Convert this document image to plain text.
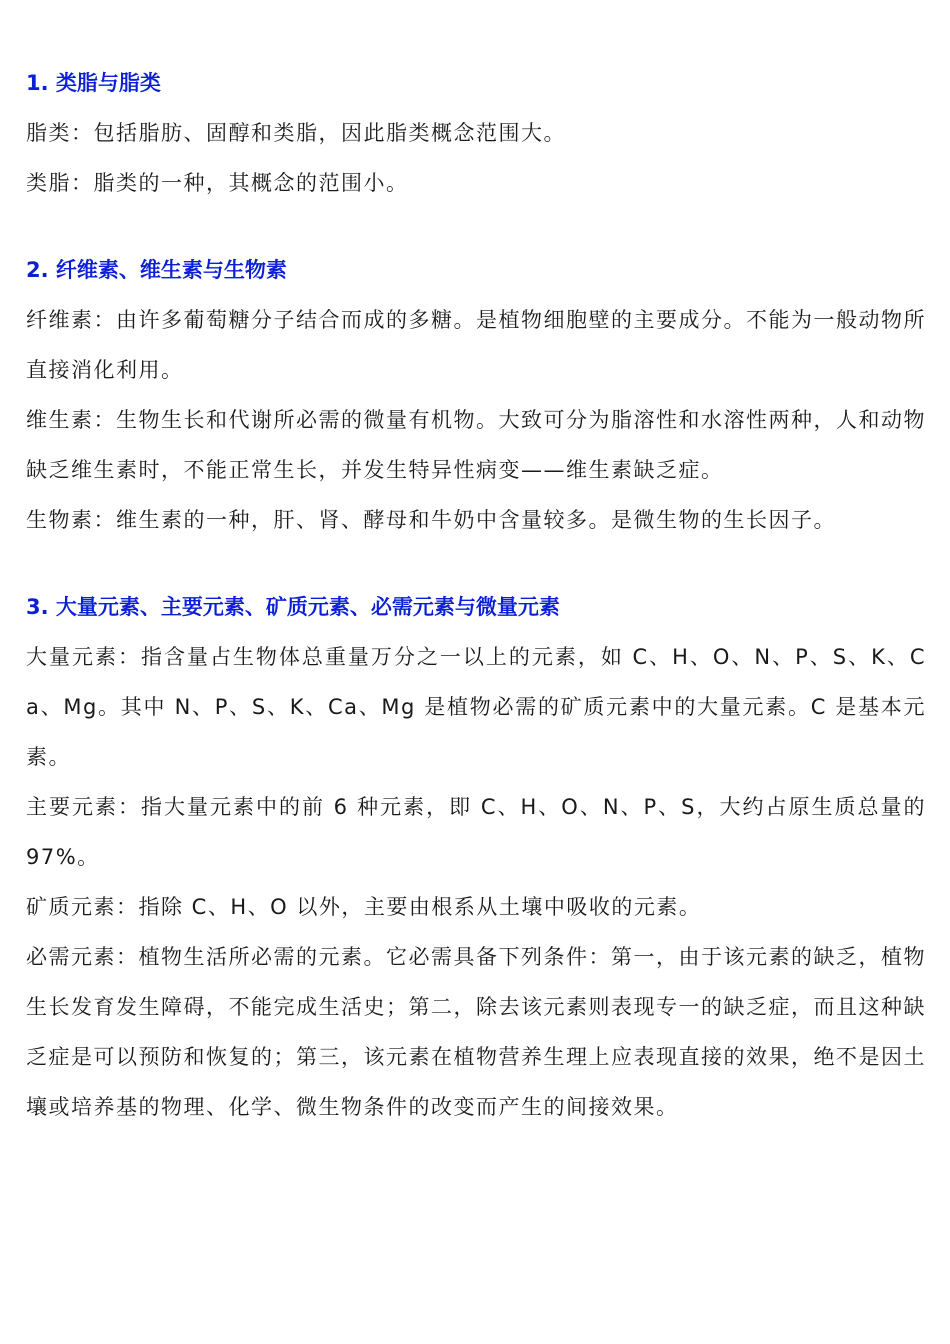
1. 类脂与脂类

脂类：包括脂肪、固醇和类脂，因此脂类概念范围大。

类脂：脂类的一种，其概念的范围小。

2. 纤维素、维生素与生物素

纤维素：由许多葡萄糖分子结合而成的多糖。是植物细胞壁的主要成分。不能为一般动物所直接消化利用。

维生素：生物生长和代谢所必需的微量有机物。大致可分为脂溶性和水溶性两种，人和动物缺乏维生素时，不能正常生长，并发生特异性病变——维生素缺乏症。

生物素：维生素的一种，肝、肾、酵母和牛奶中含量较多。是微生物的生长因子。

3. 大量元素、主要元素、矿质元素、必需元素与微量元素

大量元素：指含量占生物体总重量万分之一以上的元素，如 C、H、O、N、P、S、K、Ca、Mg。其中 N、P、S、K、Ca、Mg 是植物必需的矿质元素中的大量元素。C 是基本元素。

主要元素：指大量元素中的前 6 种元素，即 C、H、O、N、P、S，大约占原生质总量的 97%。

矿质元素：指除 C、H、O 以外，主要由根系从土壤中吸收的元素。

必需元素：植物生活所必需的元素。它必需具备下列条件：第一，由于该元素的缺乏，植物生长发育发生障碍，不能完成生活史；第二，除去该元素则表现专一的缺乏症，而且这种缺乏症是可以预防和恢复的；第三，该元素在植物营养生理上应表现直接的效果，绝不是因土壤或培养基的物理、化学、微生物条件的改变而产生的间接效果。
